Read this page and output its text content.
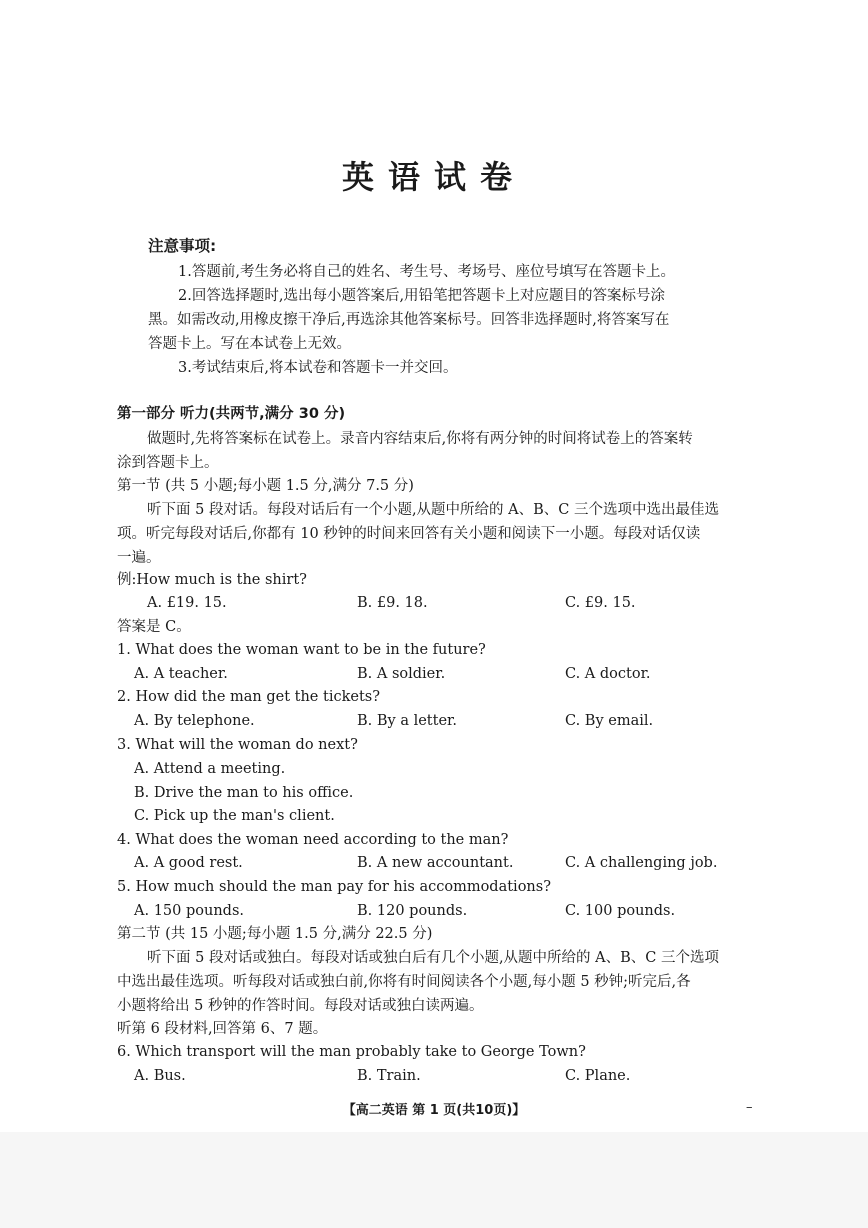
英语试卷
注意事项:
1.答题前,考生务必将自己的姓名、考生号、考场号、座位号填写在答题卡上。
2.回答选择题时,选出每小题答案后,用铅笔把答题卡上对应题目的答案标号涂
黑。如需改动,用橡皮擦干净后,再选涂其他答案标号。回答非选择题时,将答案写在
答题卡上。写在本试卷上无效。
3.考试结束后,将本试卷和答题卡一并交回。
第一部分 听力(共两节,满分 30 分)
做题时,先将答案标在试卷上。录音内容结束后,你将有两分钟的时间将试卷上的答案转
涂到答题卡上。
第一节 (共 5 小题;每小题 1.5 分,满分 7.5 分)
听下面 5 段对话。每段对话后有一个小题,从题中所给的 A、B、C 三个选项中选出最佳选
项。听完每段对话后,你都有 10 秒钟的时间来回答有关小题和阅读下一小题。每段对话仅读
一遍。
例:How much is the shirt?
A. £19. 15.	B. £9. 18.	C. £9. 15.
答案是 C。
1. What does the woman want to be in the future?
A. A teacher.	B. A soldier.	C. A doctor.
2. How did the man get the tickets?
A. By telephone.	B. By a letter.	C. By email.
3. What will the woman do next?
A. Attend a meeting.
B. Drive the man to his office.
C. Pick up the man's client.
4. What does the woman need according to the man?
A. A good rest.	B. A new accountant.	C. A challenging job.
5. How much should the man pay for his accommodations?
A. 150 pounds.	B. 120 pounds.	C. 100 pounds.
第二节 (共 15 小题;每小题 1.5 分,满分 22.5 分)
听下面 5 段对话或独白。每段对话或独白后有几个小题,从题中所给的 A、B、C 三个选项
中选出最佳选项。听每段对话或独白前,你将有时间阅读各个小题,每小题 5 秒钟;听完后,各
小题将给出 5 秒钟的作答时间。每段对话或独白读两遍。
听第 6 段材料,回答第 6、7 题。
6. Which transport will the man probably take to George Town?
A. Bus.	B. Train.	C. Plane.
【高二英语 第 1 页(共10页)】	–
